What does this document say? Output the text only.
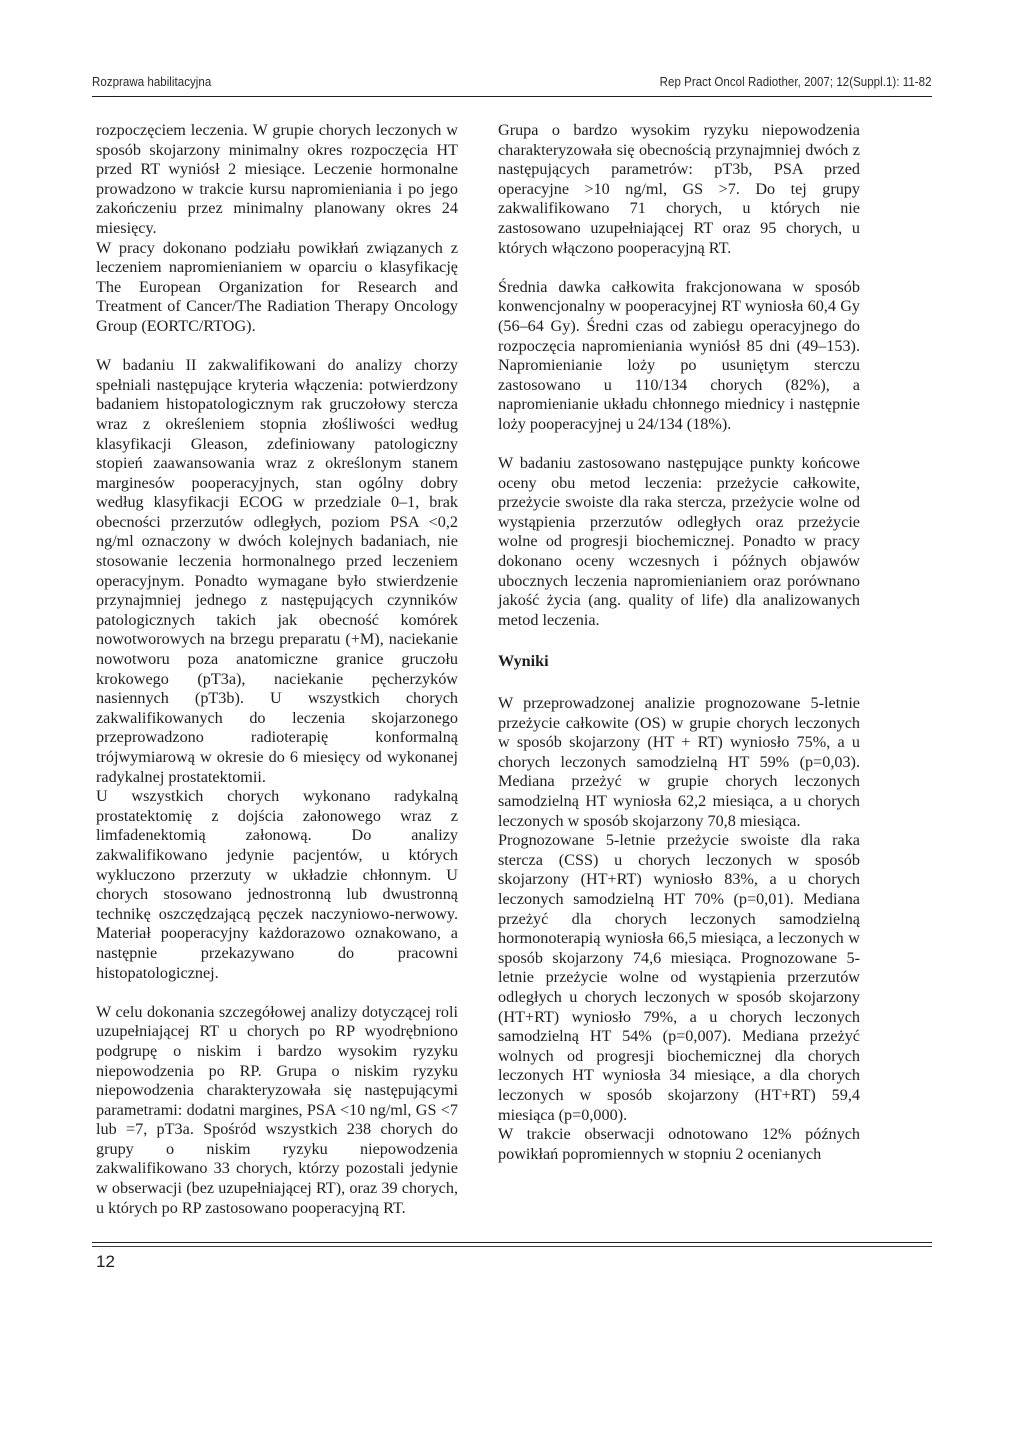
Rozprawa habilitacyjna	Rep Pract Oncol Radiother, 2007; 12(Suppl.1): 11-82

rozpoczęciem leczenia. W grupie chorych leczonych w sposób skojarzony minimalny okres rozpoczęcia HT przed RT wyniósł 2 miesiące. Leczenie hormonalne prowadzono w trakcie kursu napromieniania i po jego zakończeniu przez minimalny planowany okres 24 miesięcy.

W pracy dokonano podziału powikłań związanych z leczeniem napromienianiem w oparciu o klasyfikację The European Organization for Research and Treatment of Cancer/The Radiation Therapy Oncology Group (EORTC/RTOG).

W badaniu II zakwalifikowani do analizy chorzy spełniali następujące kryteria włączenia: potwierdzony badaniem histopatologicznym rak gruczołowy stercza wraz z określeniem stopnia złośliwości według klasyfikacji Gleason, zdefiniowany patologiczny stopień zaawansowania wraz z określonym stanem marginesów pooperacyjnych, stan ogólny dobry według klasyfikacji ECOG w przedziale 0–1, brak obecności przerzutów odległych, poziom PSA <0,2 ng/ml oznaczony w dwóch kolejnych badaniach, nie stosowanie leczenia hormonalnego przed leczeniem operacyjnym. Ponadto wymagane było stwierdzenie przynajmniej jednego z następujących czynników patologicznych takich jak obecność komórek nowotworowych na brzegu preparatu (+M), naciekanie nowotworu poza anatomiczne granice gruczołu krokowego (pT3a), naciekanie pęcherzyków nasiennych (pT3b). U wszystkich chorych zakwalifikowanych do leczenia skojarzonego przeprowadzono radioterapię konformalną trójwymiarową w okresie do 6 miesięcy od wykonanej radykalnej prostatektomii.

U wszystkich chorych wykonano radykalną prostatektomię z dojścia załonowego wraz z limfadenektomią załonową. Do analizy zakwalifikowano jedynie pacjentów, u których wykluczono przerzuty w układzie chłonnym. U chorych stosowano jednostronną lub dwustronną technikę oszczędzającą pęczek naczyniowo-nerwowy. Materiał pooperacyjny każdorazowo oznakowano, a następnie przekazywano do pracowni histopatologicznej.

W celu dokonania szczegółowej analizy dotyczącej roli uzupełniającej RT u chorych po RP wyodrębniono podgrupę o niskim i bardzo wysokim ryzyku niepowodzenia po RP. Grupa o niskim ryzyku niepowodzenia charakteryzowała się następującymi parametrami: dodatni margines, PSA <10 ng/ml, GS <7 lub =7, pT3a. Spośród wszystkich 238 chorych do grupy o niskim ryzyku niepowodzenia zakwalifikowano 33 chorych, którzy pozostali jedynie w obserwacji (bez uzupełniającej RT), oraz 39 chorych, u których po RP zastosowano pooperacyjną RT.

Grupa o bardzo wysokim ryzyku niepowodzenia charakteryzowała się obecnością przynajmniej dwóch z następujących parametrów: pT3b, PSA przed operacyjne >10 ng/ml, GS >7. Do tej grupy zakwalifikowano 71 chorych, u których nie zastosowano uzupełniającej RT oraz 95 chorych, u których włączono pooperacyjną RT.

Średnia dawka całkowita frakcjonowana w sposób konwencjonalny w pooperacyjnej RT wyniosła 60,4 Gy (56–64 Gy). Średni czas od zabiegu operacyjnego do rozpoczęcia napromieniania wyniósł 85 dni (49–153). Napromienianie loży po usuniętym sterczu zastosowano u 110/134 chorych (82%), a napromienianie układu chłonnego miednicy i następnie loży pooperacyjnej u 24/134 (18%).

W badaniu zastosowano następujące punkty końcowe oceny obu metod leczenia: przeżycie całkowite, przeżycie swoiste dla raka stercza, przeżycie wolne od wystąpienia przerzutów odległych oraz przeżycie wolne od progresji biochemicznej. Ponadto w pracy dokonano oceny wczesnych i późnych objawów ubocznych leczenia napromienianiem oraz porównano jakość życia (ang. quality of life) dla analizowanych metod leczenia.

Wyniki

W przeprowadzonej analizie prognozowane 5-letnie przeżycie całkowite (OS) w grupie chorych leczonych w sposób skojarzony (HT + RT) wyniosło 75%, a u chorych leczonych samodzielną HT 59% (p=0,03). Mediana przeżyć w grupie chorych leczonych samodzielną HT wyniosła 62,2 miesiąca, a u chorych leczonych w sposób skojarzony 70,8 miesiąca.

Prognozowane 5-letnie przeżycie swoiste dla raka stercza (CSS) u chorych leczonych w sposób skojarzony (HT+RT) wyniosło 83%, a u chorych leczonych samodzielną HT 70% (p=0,01). Mediana przeżyć dla chorych leczonych samodzielną hormonoterapią wyniosła 66,5 miesiąca, a leczonych w sposób skojarzony 74,6 miesiąca. Prognozowane 5-letnie przeżycie wolne od wystąpienia przerzutów odległych u chorych leczonych w sposób skojarzony (HT+RT) wyniosło 79%, a u chorych leczonych samodzielną HT 54% (p=0,007). Mediana przeżyć wolnych od progresji biochemicznej dla chorych leczonych HT wyniosła 34 miesiące, a dla chorych leczonych w sposób skojarzony (HT+RT) 59,4 miesiąca (p=0,000).

W trakcie obserwacji odnotowano 12% późnych powikłań popromiennych w stopniu 2 ocenianych

12
